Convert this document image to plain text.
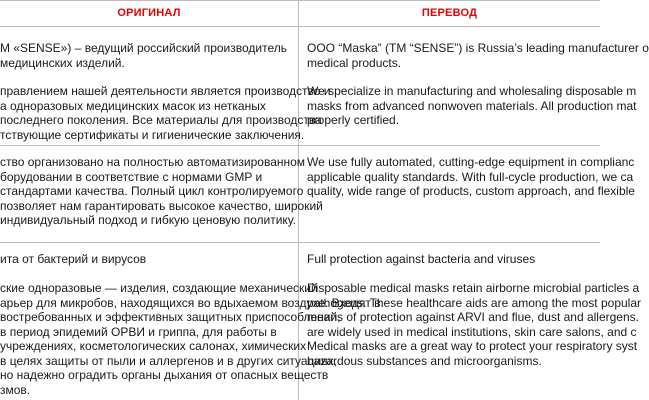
ОРИГИНАЛ	ПЕРЕВОД
М «SENSE») – ведущий российский производитель
медицинских изделий.
правлением нашей деятельности является производство и
а одноразовых медицинских масок из нетканых
последнего поколения. Все материалы для производства
тствующие сертификаты и гигиенические заключения.
ство организовано на полностью автоматизированном
борудовании в соответствие с нормами GMP и
стандартами качества. Полный цикл контролируемого
позволяет нам гарантировать высокое качество, широкий
индивидуальный подход и гибкую ценовую политику.
ита от бактерий и вирусов
ские одноразовые — изделия, создающие механический
арьер для микробов, находящихся во вдыхаемом воздухе. Входят в
востребованных и эффективных защитных приспособлений,
в период эпидемий ОРВИ и гриппа, для работы в
учреждениях, косметологических салонах, химических
в целях защиты от пыли и аллергенов и в других ситуациях,
но надежно оградить органы дыхания от опасных веществ
змов.
OOO “Maska” (TM “SENSE”) is Russia’s leading manufacturer o
medical products.
We specialize in manufacturing and wholesaling disposable m
masks from advanced nonwoven materials. All production mat
properly certified.
We use fully automated, cutting-edge equipment in complianc
applicable quality standards. With full-cycle production, we ca
quality, wide range of products, custom approach, and flexible
Full protection against bacteria and viruses
Disposable medical masks retain airborne microbial particles a
pathogens. These healthcare aids are among the most popular
means of protection against ARVI and flue, dust and allergens.
are widely used in medical institutions, skin care salons, and c
Medical masks are a great way to protect your respiratory syst
hazardous substances and microorganisms.
